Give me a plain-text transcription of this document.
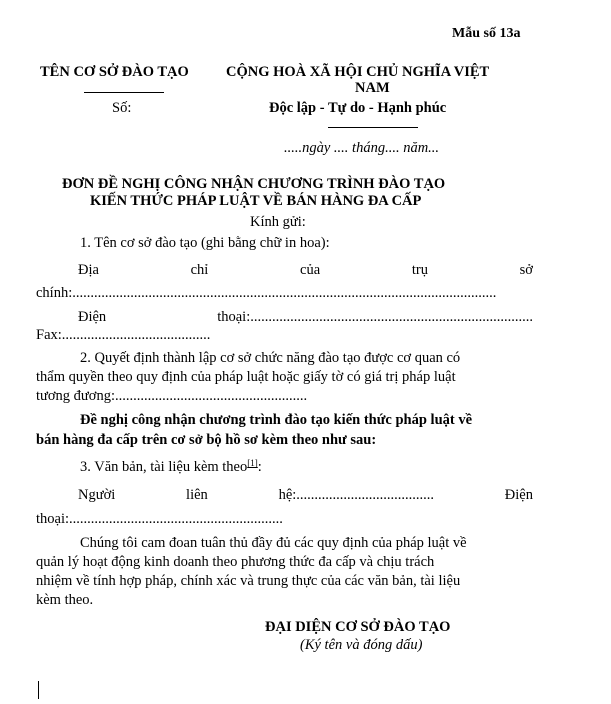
Mẫu số 13a
TÊN CƠ SỞ ĐÀO TẠO
Số:
CỘNG HOÀ XÃ HỘI CHỦ NGHĨA VIỆT
NAM
Độc lập - Tự do - Hạnh phúc
.....ngày .... tháng.... năm...
ĐƠN ĐỀ NGHỊ CÔNG NHẬN CHƯƠNG TRÌNH ĐÀO TẠO
KIẾN THỨC PHÁP LUẬT VỀ BÁN HÀNG ĐA CẤP
Kính gửi:
1. Tên cơ sở đào tạo (ghi bằng chữ in hoa):
Địa	chỉ	của	trụ	sở
chính:.....................................................................................................................
Điện	thoại:..............................................................................
Fax:.........................................
2. Quyết định thành lập cơ sở chức năng đào tạo được cơ quan có
thẩm quyền theo quy định của pháp luật hoặc giấy tờ có giá trị pháp luật
tương đương:.....................................................
Đề nghị công nhận chương trình đào tạo kiến thức pháp luật về
bán hàng đa cấp trên cơ sở bộ hồ sơ kèm theo như sau:
3. Văn bản, tài liệu kèm theo[1]:
Người	liên	hệ:......................................	Điện
thoại:...........................................................
Chúng tôi cam đoan tuân thủ đầy đủ các quy định của pháp luật về
quản lý hoạt động kinh doanh theo phương thức đa cấp và chịu trách
nhiệm về tính hợp pháp, chính xác và trung thực của các văn bản, tài liệu
kèm theo.
ĐẠI DIỆN CƠ SỞ ĐÀO TẠO
(Ký tên và đóng dấu)
